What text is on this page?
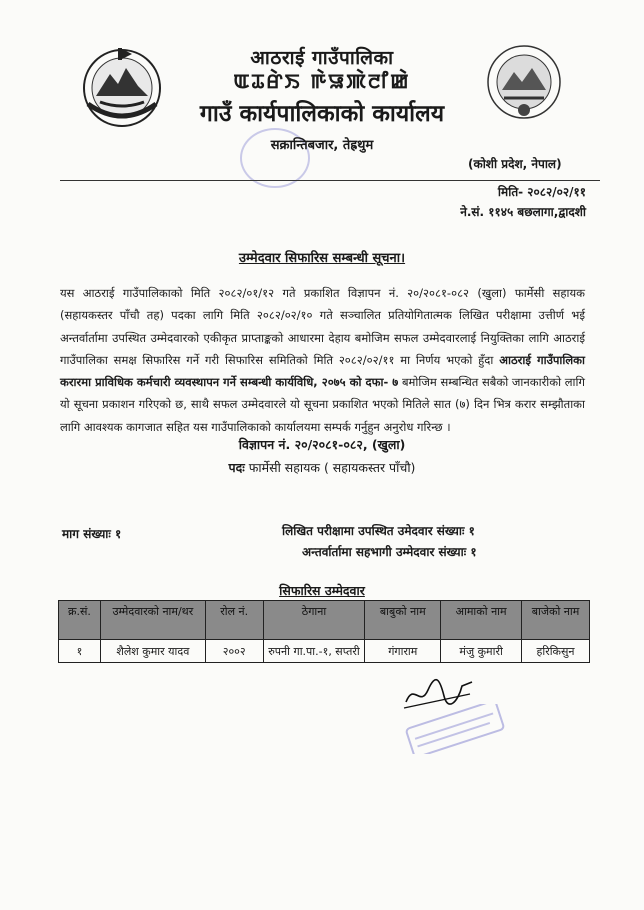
आठराई गाउँपालिका
ꯑꯊꯔꯥꯏ ꯒꯥꯎꯄꯥꯂꯤꯀꯥ
गाउँ कार्यपालिकाको कार्यालय
सक्रान्तिबजार, तेह्रथुम
(कोशी प्रदेश, नेपाल)
मिति- २०८२/०२/११
ने.सं. ११४५ बछलागा,द्वादशी
उम्मेदवार सिफारिस सम्बन्धी सूचना।
यस आठराई गाउँपालिकाको मिति २०८२/०१/१२ गते प्रकाशित विज्ञापन नं. २०/२०८१-०८२ (खुला) फार्मेसी सहायक (सहायकस्तर पाँचौ तह) पदका लागि मिति २०८२/०२/१० गते सञ्चालित प्रतियोगितात्मक लिखित परीक्षामा उत्तीर्ण भई अन्तर्वार्तामा उपस्थित उम्मेदवारको एकीकृत प्राप्ताङ्कको आधारमा देहाय बमोजिम सफल उम्मेदवारलाई नियुक्तिका लागि आठराई गाउँपालिका समक्ष सिफारिस गर्ने गरी सिफारिस समितिको मिति २०८२/०२/११ मा निर्णय भएको हुँदा आठराई गाउँपालिका करारमा प्राविधिक कर्मचारी व्यवस्थापन गर्ने सम्बन्धी कार्यविधि, २०७५ को दफा- ७ बमोजिम सम्बन्धित सबैको जानकारीको लागि यो सूचना प्रकाशन गरिएको छ, साथै सफल उम्मेदवारले यो सूचना प्रकाशित भएको मितिले सात (७) दिन भित्र करार सम्झौताका लागि आवश्यक कागजात सहित यस गाउँपालिकाको कार्यालयमा सम्पर्क गर्नुहुन अनुरोध गरिन्छ ।
विज्ञापन नं. २०/२०८१-०८२, (खुला)
पदः फार्मेसी सहायक ( सहायकस्तर पाँचौ)
माग संख्याः १	लिखित परीक्षामा उपस्थित उमेदवार संख्याः १
अन्तर्वार्तामा सहभागी उम्मेदवार संख्याः १
सिफारिस उम्मेदवार
क्र.सं.	उम्मेदवारको नाम/थर	रोल नं.	ठेगाना	बाबुको नाम	आमाको नाम	बाजेको नाम
१	शैलेश कुमार यादव	२००२	रुपनी गा.पा.-१, सप्तरी	गंगाराम	मंजु कुमारी	हरिकिसुन
